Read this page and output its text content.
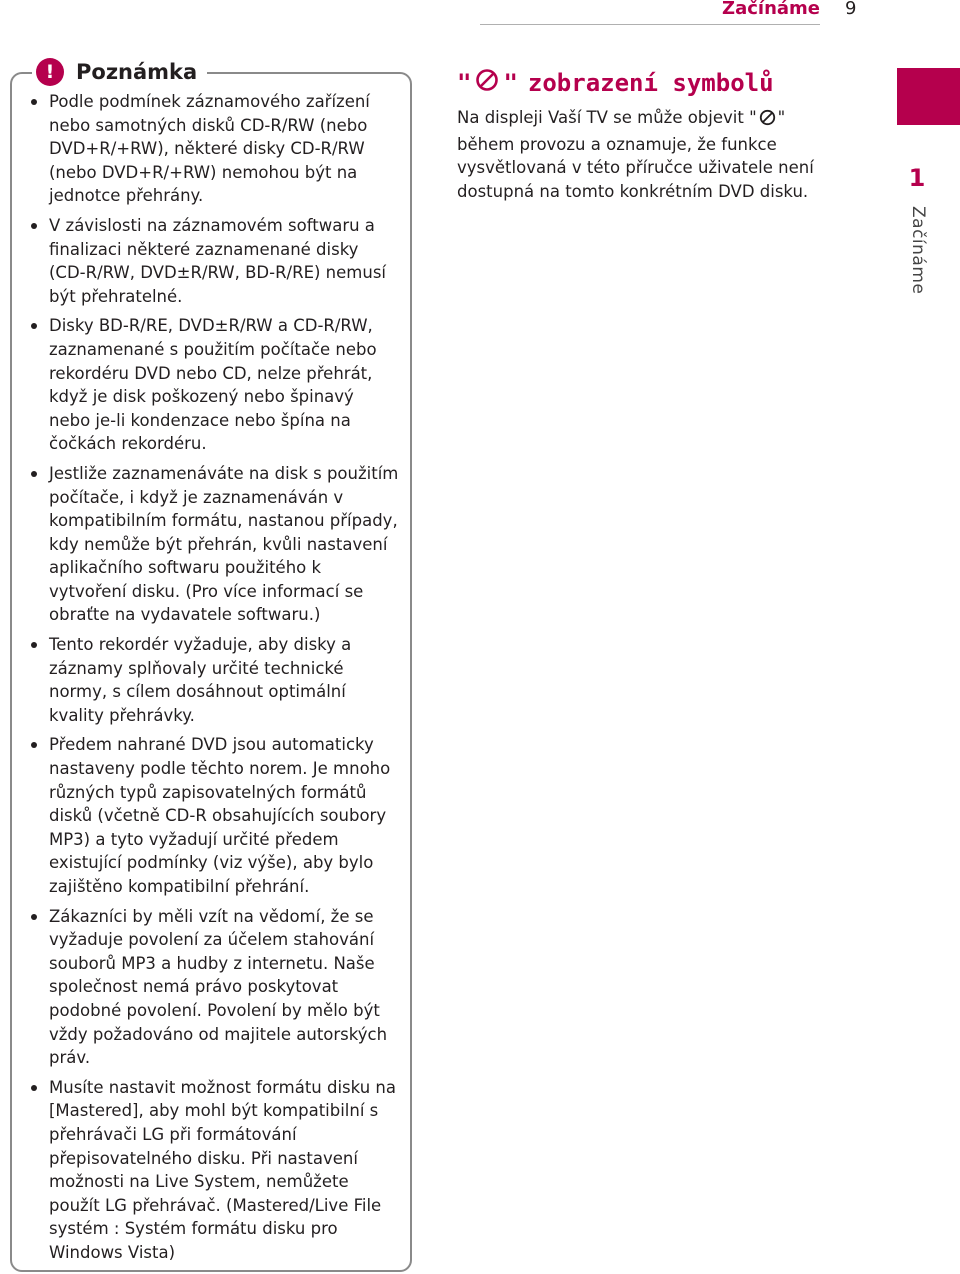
Začínáme 9
1
Začínáme
!	Poznámka
Podle podmínek záznamového zařízení nebo samotných disků CD-R/RW (nebo DVD+R/+RW), některé disky CD-R/RW (nebo DVD+R/+RW) nemohou být na jednotce přehrány.
V závislosti na záznamovém softwaru a finalizaci některé zaznamenané disky (CD-R/RW, DVD±R/RW, BD-R/RE) nemusí být přehratelné.
Disky BD-R/RE, DVD±R/RW a CD-R/RW, zaznamenané s použitím počítače nebo rekordéru DVD nebo CD, nelze přehrát, když je disk poškozený nebo špinavý nebo je-li kondenzace nebo špína na čočkách rekordéru.
Jestliže zaznamenáváte na disk s použitím počítače, i když je zaznamenáván v kompatibilním formátu, nastanou případy, kdy nemůže být přehrán, kvůli nastavení aplikačního softwaru použitého k vytvoření disku. (Pro více informací se obraťte na vydavatele softwaru.)
Tento rekordér vyžaduje, aby disky a záznamy splňovaly určité technické normy, s cílem dosáhnout optimální kvality přehrávky.
Předem nahrané DVD jsou automaticky nastaveny podle těchto norem. Je mnoho různých typů zapisovatelných formátů disků (včetně CD-R obsahujících soubory MP3) a tyto vyžadují určité předem existující podmínky (viz výše), aby bylo zajištěno kompatibilní přehrání.
Zákazníci by měli vzít na vědomí, že se vyžaduje povolení za účelem stahování souborů MP3 a hudby z internetu. Naše společnost nemá právo poskytovat podobné povolení. Povolení by mělo být vždy požadováno od majitele autorských práv.
Musíte nastavit možnost formátu disku na [Mastered], aby mohl být kompatibilní s přehrávači LG při formátování přepisovatelného disku. Při nastavení možnosti na Live System, nemůžete použít LG přehrávač. (Mastered/Live File systém : Systém formátu disku pro Windows Vista)
" " zobrazení symbolů
Na displeji Vaší TV se může objevit " " během provozu a oznamuje, že funkce vysvětlovaná v této příručce uživatele není dostupná na tomto konkrétním DVD disku.
